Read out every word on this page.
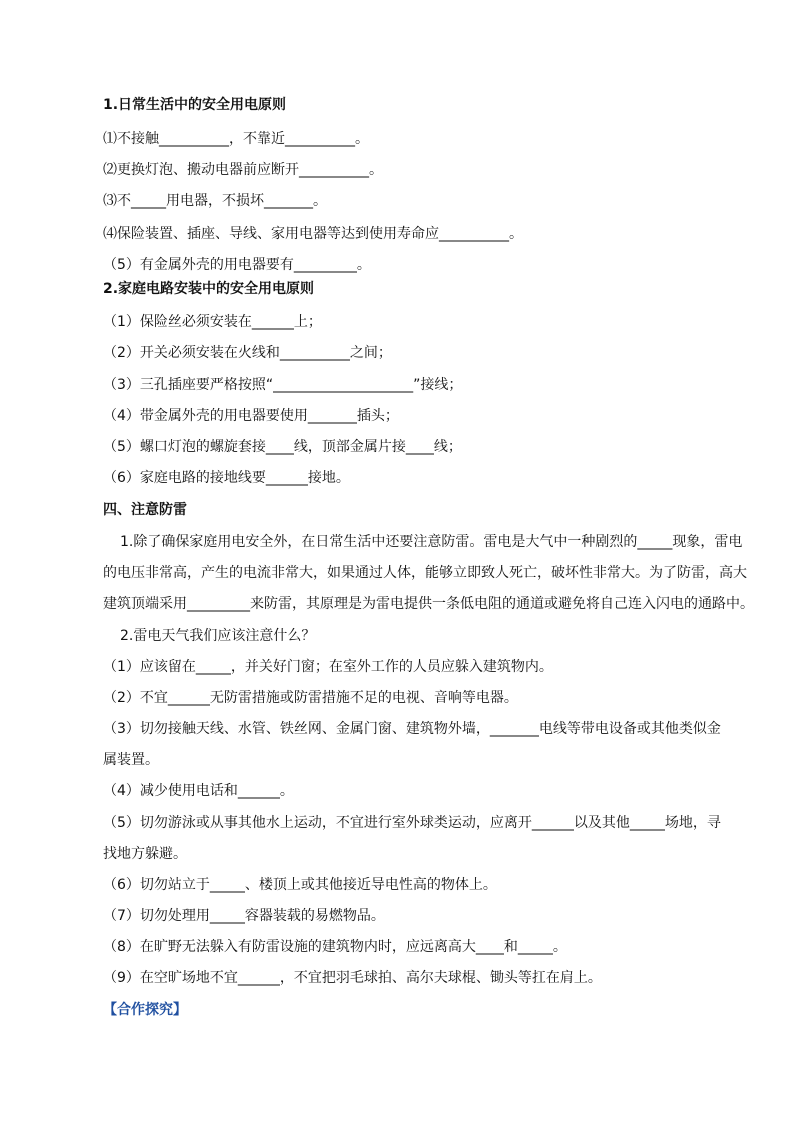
1.日常生活中的安全用电原则
⑴不接触__________，不靠近__________。
⑵更换灯泡、搬动电器前应断开__________。
⑶不_____用电器，不损坏_______。
⑷保险装置、插座、导线、家用电器等达到使用寿命应__________。
（5）有金属外壳的用电器要有_________。
2.家庭电路安装中的安全用电原则
（1）保险丝必须安装在______上；
（2）开关必须安装在火线和__________之间；
（3）三孔插座要严格按照“____________________”接线；
（4）带金属外壳的用电器要使用_______插头；
（5）螺口灯泡的螺旋套接____线，顶部金属片接____线；
（6）家庭电路的接地线要______接地。
四、注意防雷
1.除了确保家庭用电安全外，在日常生活中还要注意防雷。雷电是大气中一种剧烈的_____现象，雷电
的电压非常高，产生的电流非常大，如果通过人体，能够立即致人死亡，破坏性非常大。为了防雷，高大
建筑顶端采用_________来防雷，其原理是为雷电提供一条低电阻的通道或避免将自己连入闪电的通路中。
2.雷电天气我们应该注意什么？
（1）应该留在_____，并关好门窗；在室外工作的人员应躲入建筑物内。
（2）不宜______无防雷措施或防雷措施不足的电视、音响等电器。
（3）切勿接触天线、水管、铁丝网、金属门窗、建筑物外墙，_______电线等带电设备或其他类似金
属装置。
（4）减少使用电话和______。
（5）切勿游泳或从事其他水上运动，不宜进行室外球类运动，应离开______以及其他_____场地，寻
找地方躲避。
（6）切勿站立于_____、楼顶上或其他接近导电性高的物体上。
（7）切勿处理用_____容器装载的易燃物品。
（8）在旷野无法躲入有防雷设施的建筑物内时，应远离高大____和_____。
（9）在空旷场地不宜______，不宜把羽毛球拍、高尔夫球棍、锄头等扛在肩上。
【合作探究】
